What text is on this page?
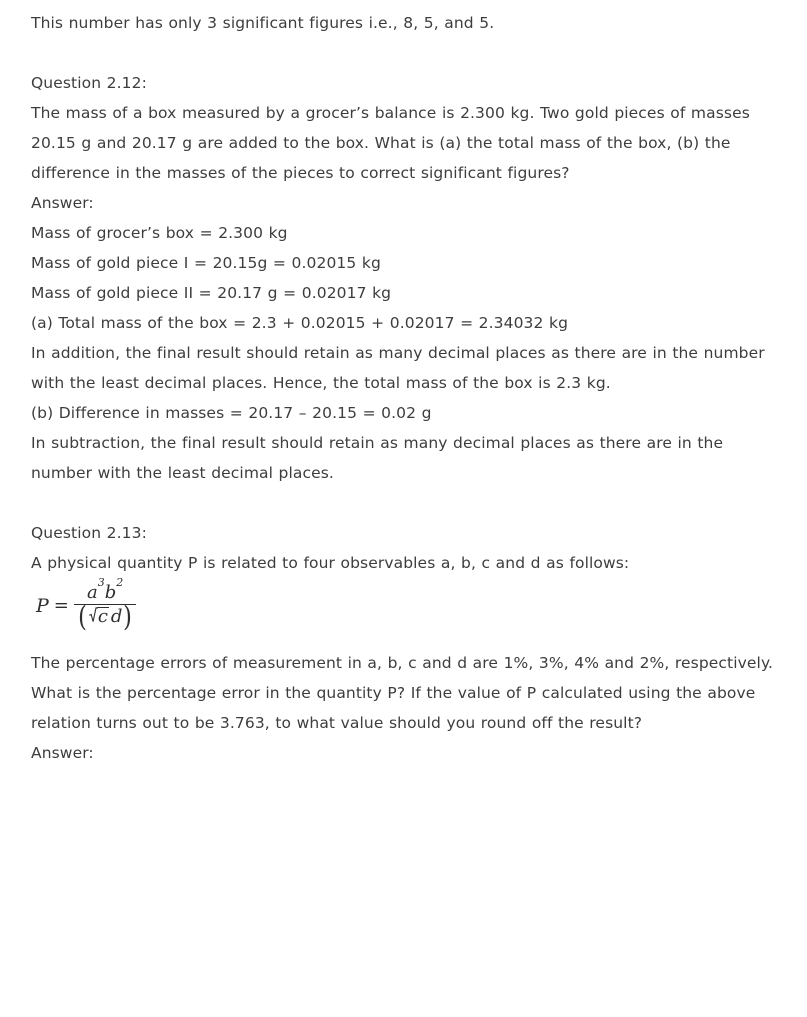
This number has only 3 significant figures i.e., 8, 5, and 5.

Question 2.12:

The mass of a box measured by a grocer’s balance is 2.300 kg. Two gold pieces of masses 20.15 g and 20.17 g are added to the box. What is (a) the total mass of the box, (b) the difference in the masses of the pieces to correct significant figures?

Answer:

Mass of grocer’s box = 2.300 kg

Mass of gold piece I = 20.15g = 0.02015 kg

Mass of gold piece II = 20.17 g = 0.02017 kg

(a) Total mass of the box = 2.3 + 0.02015 + 0.02017 = 2.34032 kg

In addition, the final result should retain as many decimal places as there are in the number with the least decimal places. Hence, the total mass of the box is 2.3 kg.

(b) Difference in masses = 20.17 – 20.15 = 0.02 g

In subtraction, the final result should retain as many decimal places as there are in the number with the least decimal places.

Question 2.13:

A physical quantity P is related to four observables a, b, c and d as follows:

$P = \frac{a^3b^2}{\text{( c d )}}$

The percentage errors of measurement in a, b, c and d are 1%, 3%, 4% and 2%, respectively. What is the percentage error in the quantity P? If the value of P calculated using the above relation turns out to be 3.763, to what value should you round off the result?

Answer:
